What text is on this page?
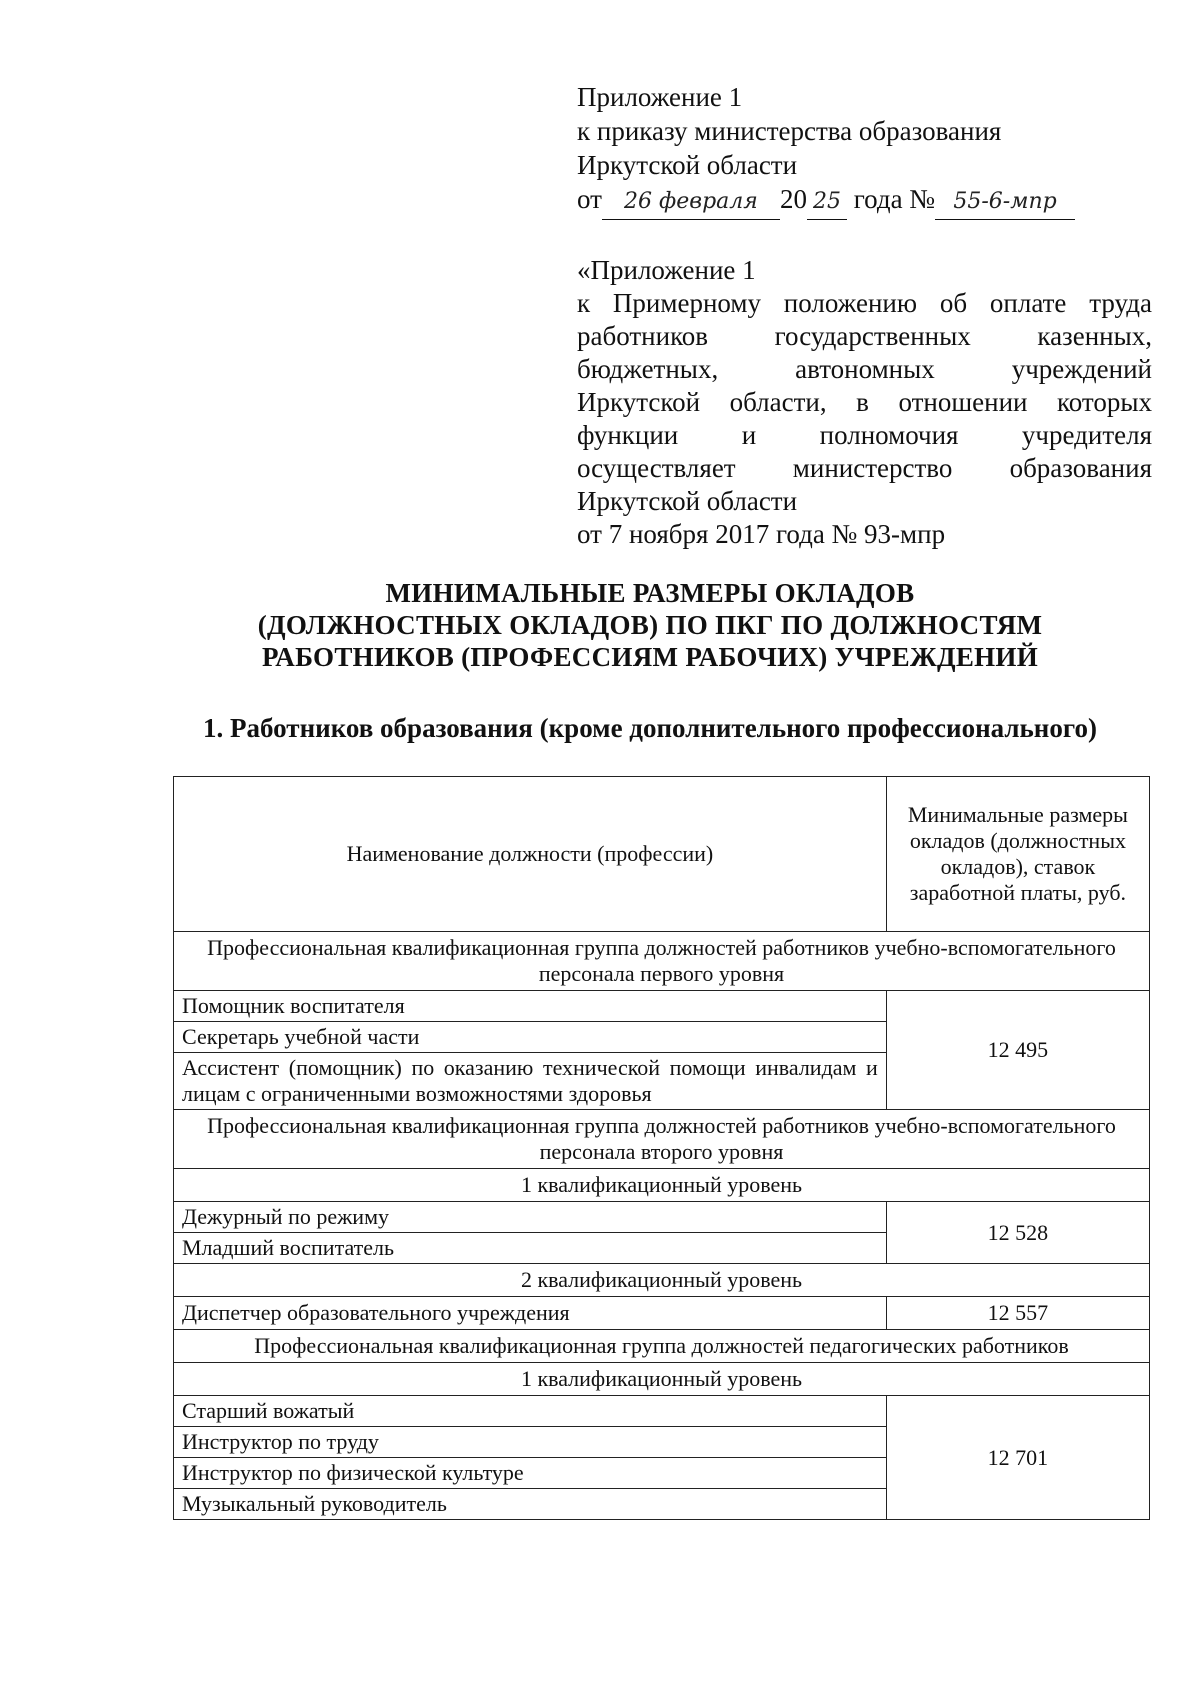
Приложение 1
к приказу министерства образования
Иркутской области
от 26 февраля 20 25 года № 55-6-мпр
«Приложение 1
к Примерному положению об оплате труда
работников государственных казенных,
бюджетных, автономных учреждений
Иркутской области, в отношении которых
функции и полномочия учредителя
осуществляет министерство образования
Иркутской области
от 7 ноября 2017 года № 93-мпр
МИНИМАЛЬНЫЕ РАЗМЕРЫ ОКЛАДОВ
(ДОЛЖНОСТНЫХ ОКЛАДОВ) ПО ПКГ ПО ДОЛЖНОСТЯМ
РАБОТНИКОВ (ПРОФЕССИЯМ РАБОЧИХ) УЧРЕЖДЕНИЙ
1. Работников образования (кроме дополнительного профессионального)
Наименование должности (профессии)	Минимальные размеры окладов (должностных окладов), ставок заработной платы, руб.
Профессиональная квалификационная группа должностей работников учебно-вспомогательного персонала первого уровня	
Помощник воспитателя	12 495
Секретарь учебной части	
Ассистент (помощник) по оказанию технической помощи инвалидам и лицам с ограниченными возможностями здоровья	
Профессиональная квалификационная группа должностей работников учебно-вспомогательного персонала второго уровня	
1 квалификационный уровень	
Дежурный по режиму	12 528
Младший воспитатель	
2 квалификационный уровень	
Диспетчер образовательного учреждения	12 557
Профессиональная квалификационная группа должностей педагогических работников	
1 квалификационный уровень	
Старший вожатый	12 701
Инструктор по труду	
Инструктор по физической культуре	
Музыкальный руководитель	
